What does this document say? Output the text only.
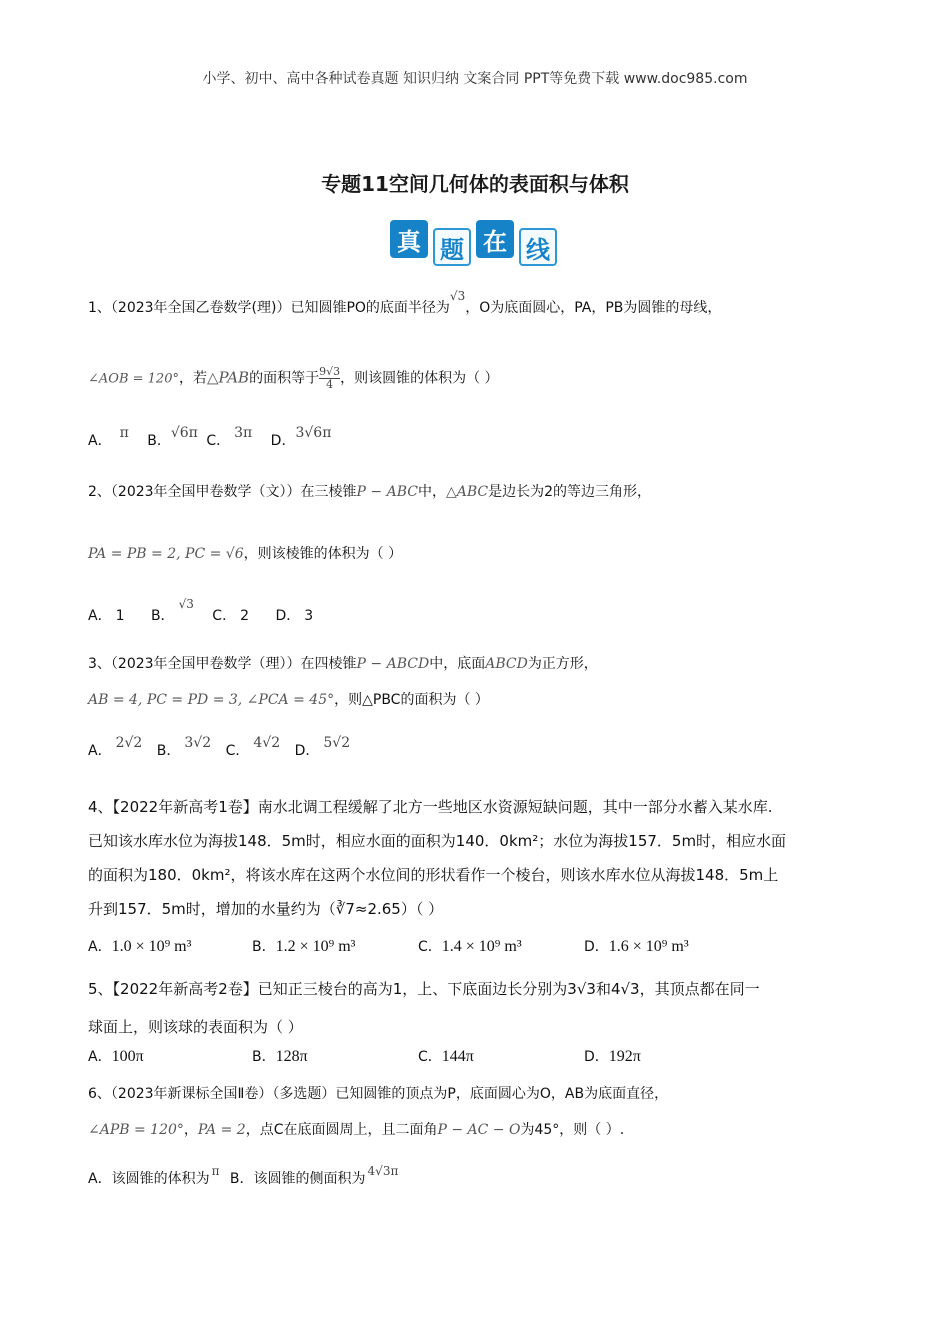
小学、初中、高中各种试卷真题 知识归纳 文案合同 PPT等免费下载 www.doc985.com
专题11空间几何体的表面积与体积
真 题 在 线
1、（2023年全国乙卷数学(理)）已知圆锥PO的底面半径为√3，O为底面圆心，PA，PB为圆锥的母线，
∠AOB = 120°，若△PAB的面积等于 $\frac{9√3}{4}$ ，则该圆锥的体积为（ ）
A． π B．√6π C． 3π D．3√6π
2、（2023年全国甲卷数学（文））在三棱锥P − ABC中，△ABC是边长为2的等边三角形，
PA = PB = 2, PC = √6，则该棱锥的体积为（ ）
A． 1 B．√3 C． 2 D． 3
3、（2023年全国甲卷数学（理））在四棱锥P − ABCD中，底面ABCD为正方形，
AB = 4, PC = PD = 3, ∠PCA = 45°，则△PBC的面积为（ ）
A． 2√2 B． 3√2 C． 4√2 D． 5√2
4、【2022年新高考1卷】南水北调工程缓解了北方一些地区水资源短缺问题，其中一部分水蓄入某水库.
已知该水库水位为海拔148．5m时，相应水面的面积为140．0km²；水位为海拔157．5m时，相应水面
的面积为180．0km²，将该水库在这两个水位间的形状看作一个棱台，则该水库水位从海拔148．5m上
升到157．5m时，增加的水量约为（∛7≈2.65）（ ）
A．1.0 × 10⁹ m³	B．1.2 × 10⁹ m³	C．1.4 × 10⁹ m³	D．1.6 × 10⁹ m³
5、【2022年新高考2卷】已知正三棱台的高为1，上、下底面边长分别为3√3和4√3，其顶点都在同一
球面上，则该球的表面积为（ ）
A．100π	B．128π	C．144π	D．192π
6、（2023年新课标全国Ⅱ卷）（多选题）已知圆锥的顶点为P，底面圆心为O，AB为底面直径，
∠APB = 120°，PA = 2，点C在底面圆周上，且二面角P − AC − O为45°，则（ ）.
A．该圆锥的体积为 π B．该圆锥的侧面积为 4√3π
